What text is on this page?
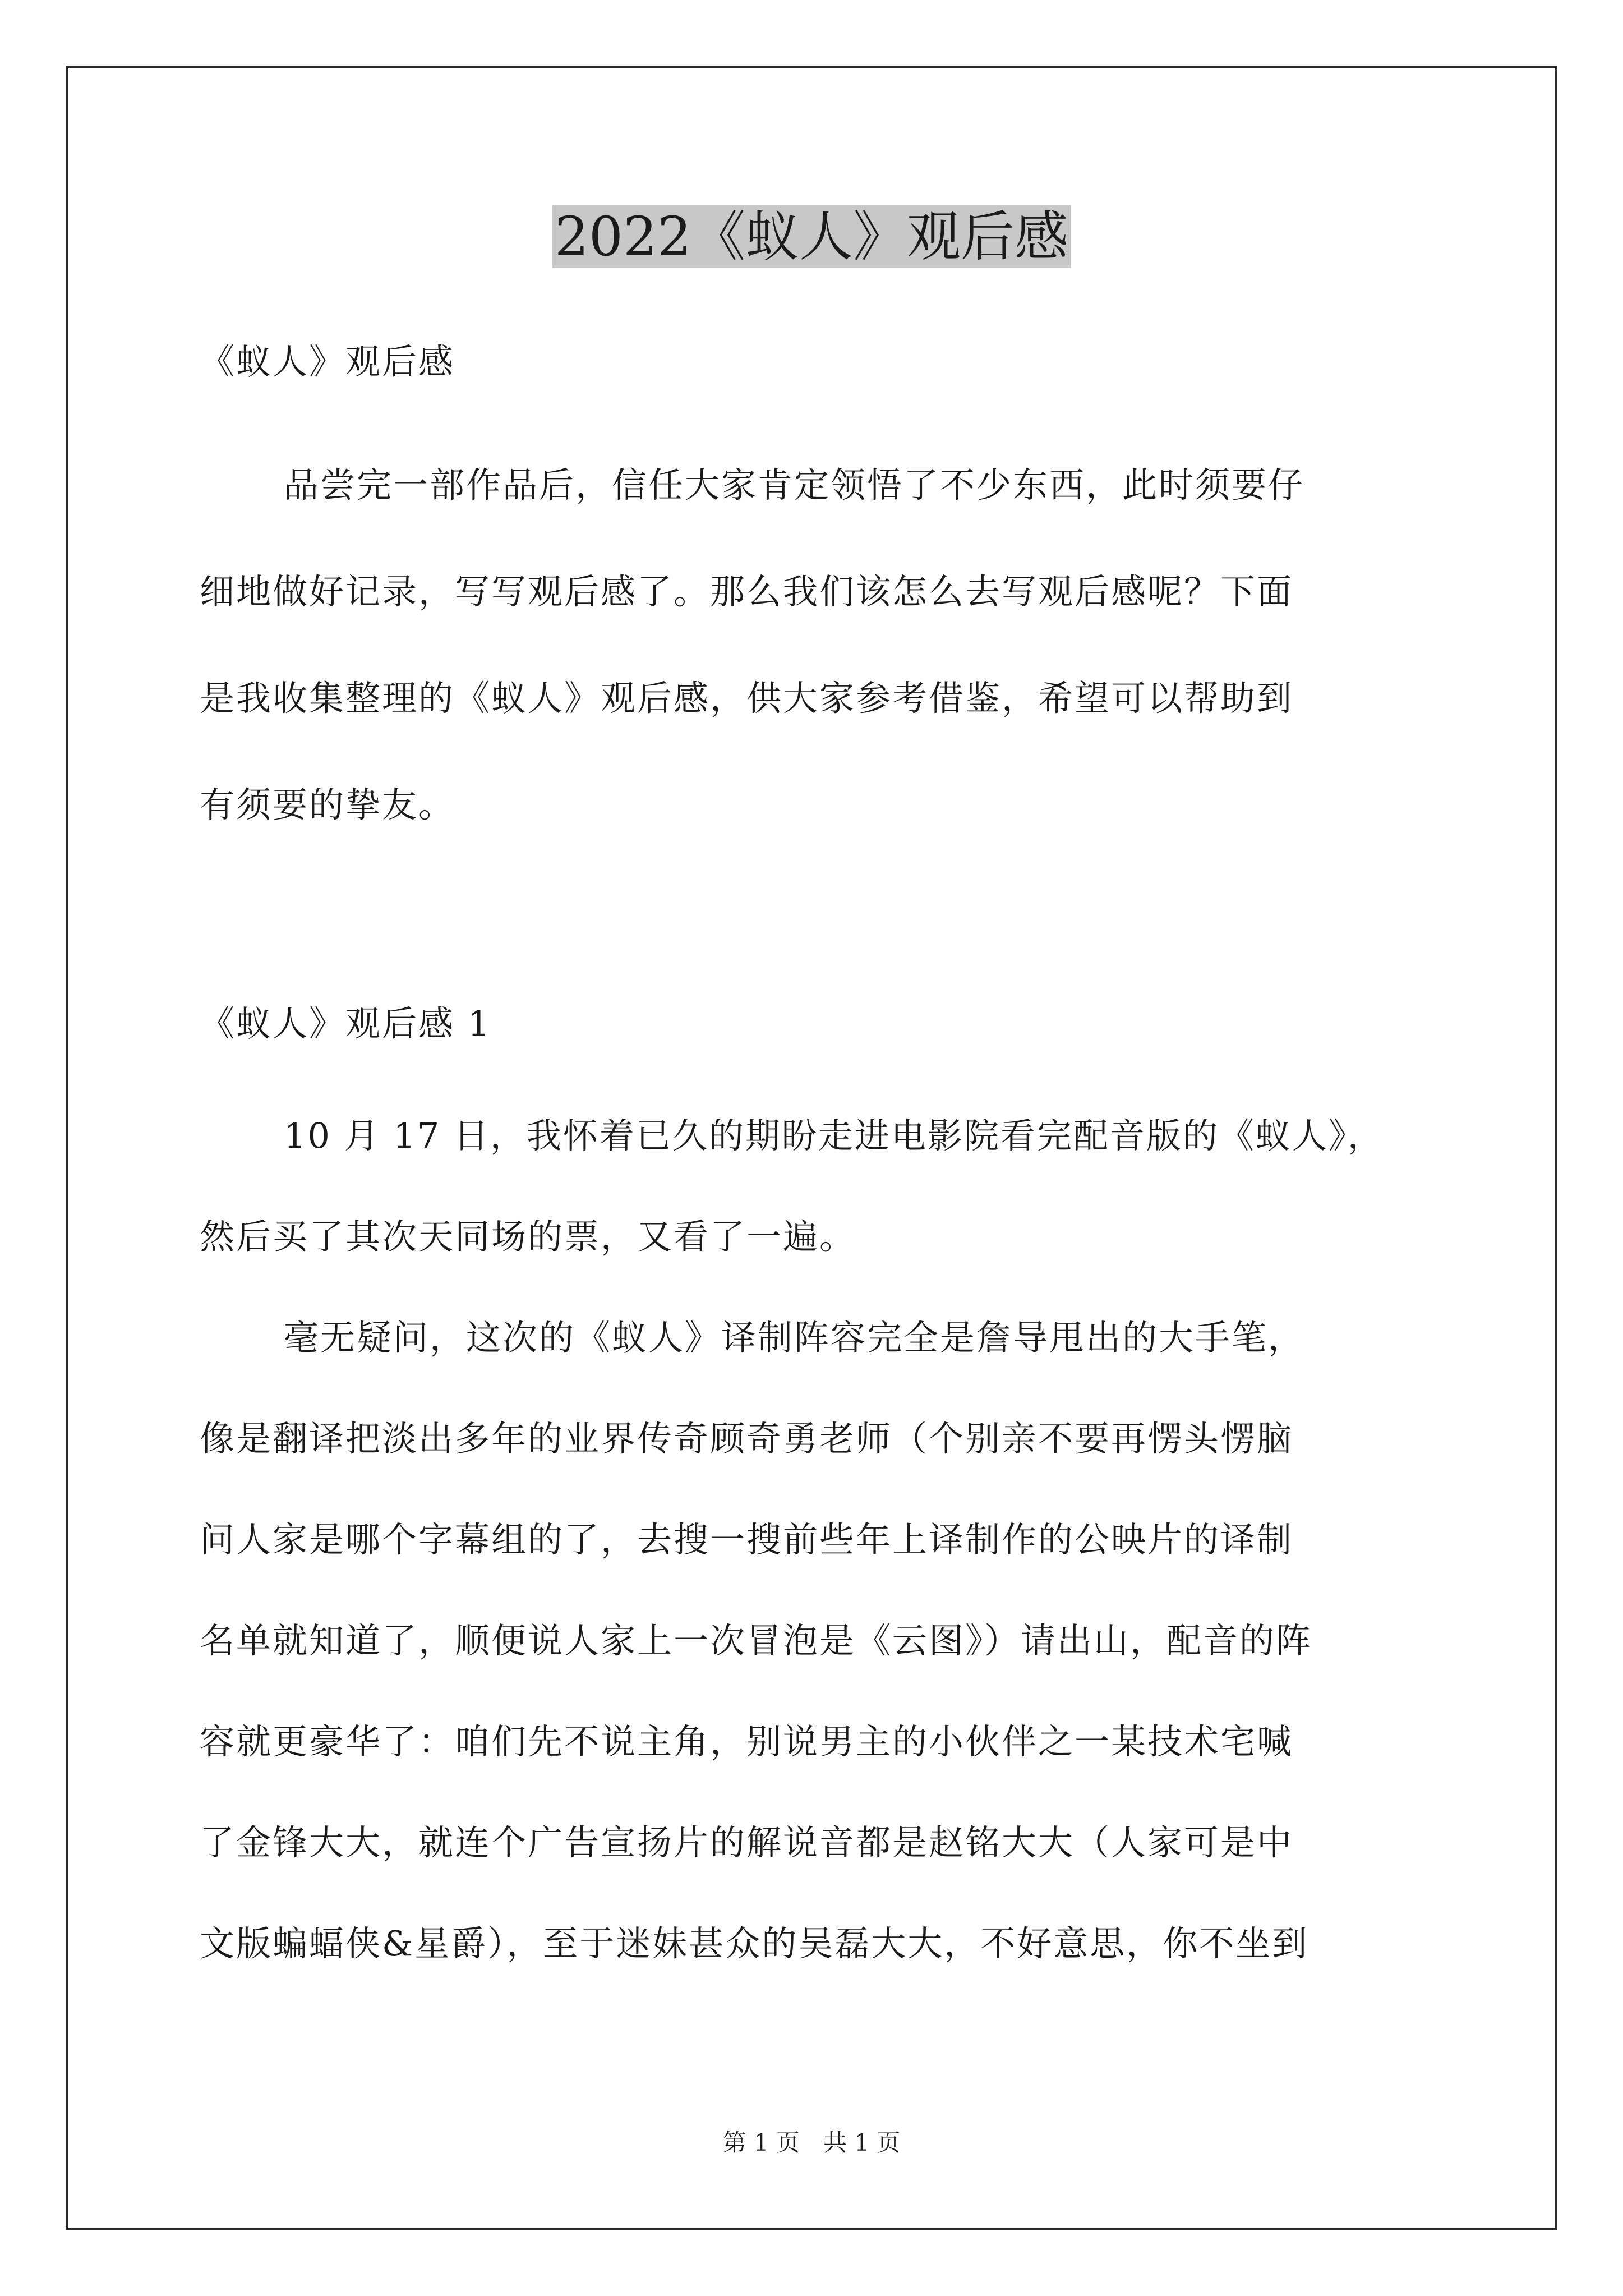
2022《蚁人》观后感
《蚁人》观后感
品尝完一部作品后，信任大家肯定领悟了不少东西，此时须要仔
细地做好记录，写写观后感了。那么我们该怎么去写观后感呢？下面
是我收集整理的《蚁人》观后感，供大家参考借鉴，希望可以帮助到
有须要的挚友。
《蚁人》观后感 1
10 月 17 日，我怀着已久的期盼走进电影院看完配音版的《蚁人》，
然后买了其次天同场的票，又看了一遍。
毫无疑问，这次的《蚁人》译制阵容完全是詹导甩出的大手笔，
像是翻译把淡出多年的业界传奇顾奇勇老师（个别亲不要再愣头愣脑
问人家是哪个字幕组的了，去搜一搜前些年上译制作的公映片的译制
名单就知道了，顺便说人家上一次冒泡是《云图》）请出山，配音的阵
容就更豪华了：咱们先不说主角，别说男主的小伙伴之一某技术宅喊
了金锋大大，就连个广告宣扬片的解说音都是赵铭大大（人家可是中
文版蝙蝠侠&星爵），至于迷妹甚众的吴磊大大，不好意思，你不坐到
第 1 页　共 1 页
